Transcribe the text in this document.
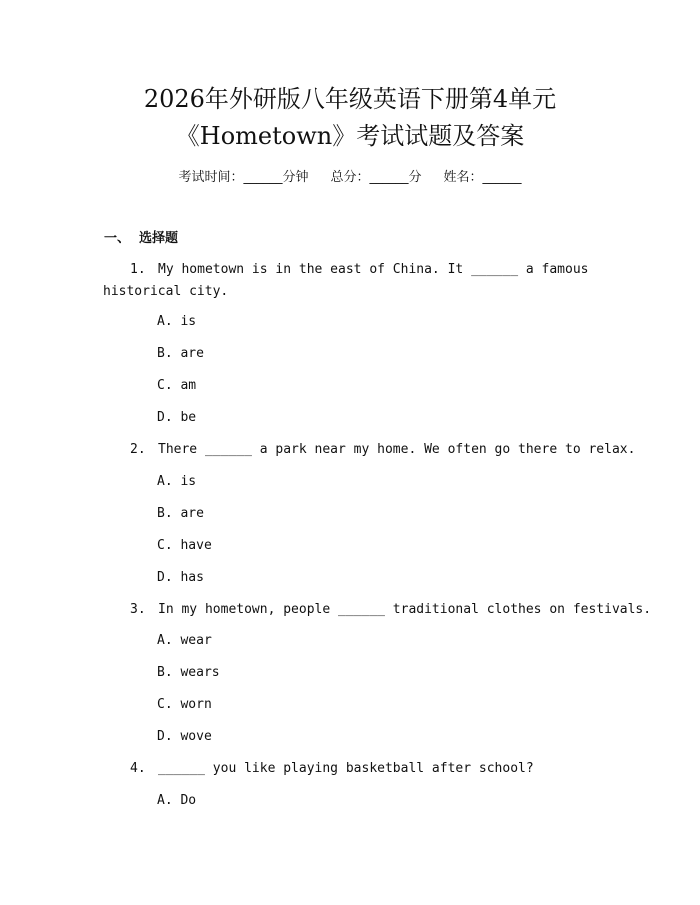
2026年外研版八年级英语下册第4单元
《Hometown》考试试题及答案
考试时间：______分钟 总分：______分 姓名：______
一、  选择题
1. My hometown is in the east of China. It ______ a famous
historical city.
A. is
B. are
C. am
D. be
2. There ______ a park near my home. We often go there to relax.
A. is
B. are
C. have
D. has
3. In my hometown, people ______ traditional clothes on festivals.
A. wear
B. wears
C. worn
D. wove
4. ______ you like playing basketball after school?
A. Do
